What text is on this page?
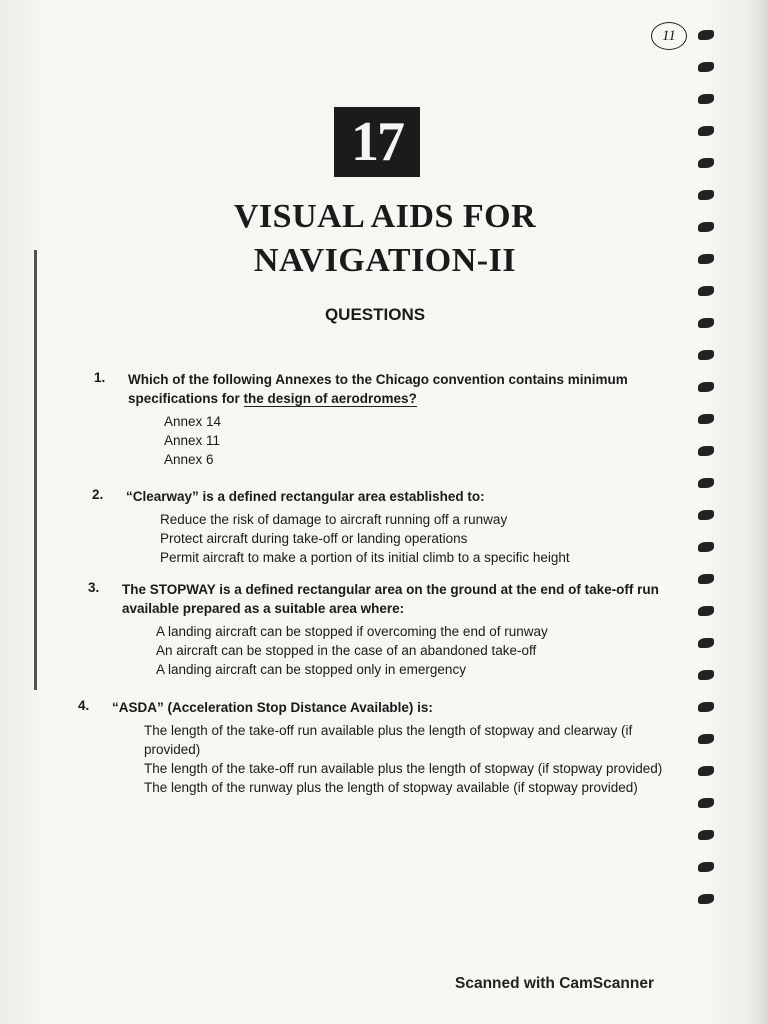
11
17
VISUAL AIDS FOR
NAVIGATION-II
QUESTIONS
1. Which of the following Annexes to the Chicago convention contains minimum specifications for the design of aerodromes?
Annex 14
Annex 11
Annex 6
2. “Clearway” is a defined rectangular area established to:
Reduce the risk of damage to aircraft running off a runway
Protect aircraft during take-off or landing operations
Permit aircraft to make a portion of its initial climb to a specific height
3. The STOPWAY is a defined rectangular area on the ground at the end of take-off run available prepared as a suitable area where:
A landing aircraft can be stopped if overcoming the end of runway
An aircraft can be stopped in the case of an abandoned take-off
A landing aircraft can be stopped only in emergency
4. “ASDA” (Acceleration Stop Distance Available) is:
The length of the take-off run available plus the length of stopway and clearway (if provided)
The length of the take-off run available plus the length of stopway (if stopway provided)
The length of the runway plus the length of stopway available (if stopway provided)
Scanned with CamScanner
